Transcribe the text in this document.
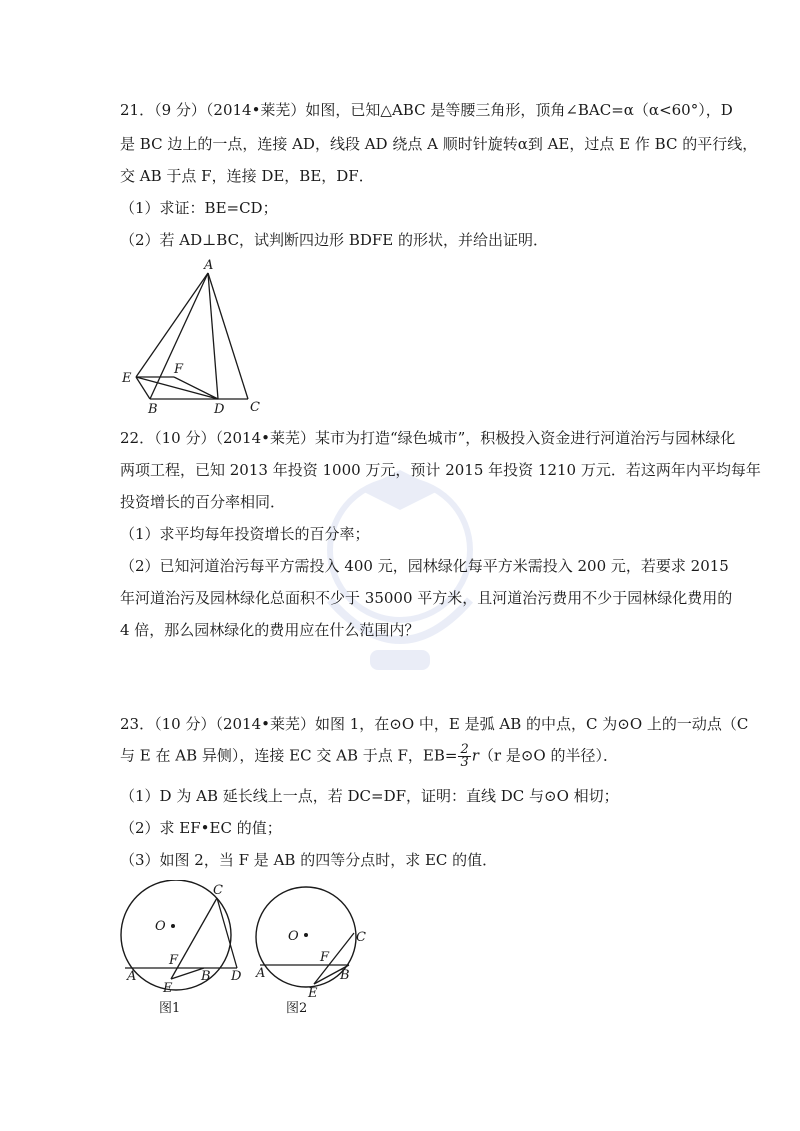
21．（9 分）（2014•莱芜）如图，已知△ABC 是等腰三角形，顶角∠BAC=α（α<60°），D
是 BC 边上的一点，连接 AD，线段 AD 绕点 A 顺时针旋转α到 AE，过点 E 作 BC 的平行线，
交 AB 于点 F，连接 DE，BE，DF．
（1）求证：BE=CD；
（2）若 AD⊥BC，试判断四边形 BDFE 的形状，并给出证明．
A
E
F
B	D C
22．（10 分）（2014•莱芜）某市为打造“绿色城市”，积极投入资金进行河道治污与园林绿化
两项工程，已知 2013 年投资 1000 万元，预计 2015 年投资 1210 万元．若这两年内平均每年
投资增长的百分率相同．
（1）求平均每年投资增长的百分率；
（2）已知河道治污每平方需投入 400 元，园林绿化每平方米需投入 200 元，若要求 2015
年河道治污及园林绿化总面积不少于 35000 平方米，且河道治污费用不少于园林绿化费用的
4 倍，那么园林绿化的费用应在什么范围内？
23．（10 分）（2014•莱芜）如图 1，在⊙O 中，E 是弧 AB 的中点，C 为⊙O 上的一动点（C
与 E 在 AB 异侧），连接 EC 交 AB 于点 F，$EB= \frac{2}{3} r(r$ 是⊙O 的半径）．
（1）D 为 AB 延长线上一点，若 DC=DF，证明：直线 DC 与⊙O 相切；
（2）求 EF•EC 的值；
（3）如图 2，当 F 是 AB 的四等分点时，求 EC 的值．
O
C
A
F
B D
E
图1
O	C
A
F
B
E
图2
